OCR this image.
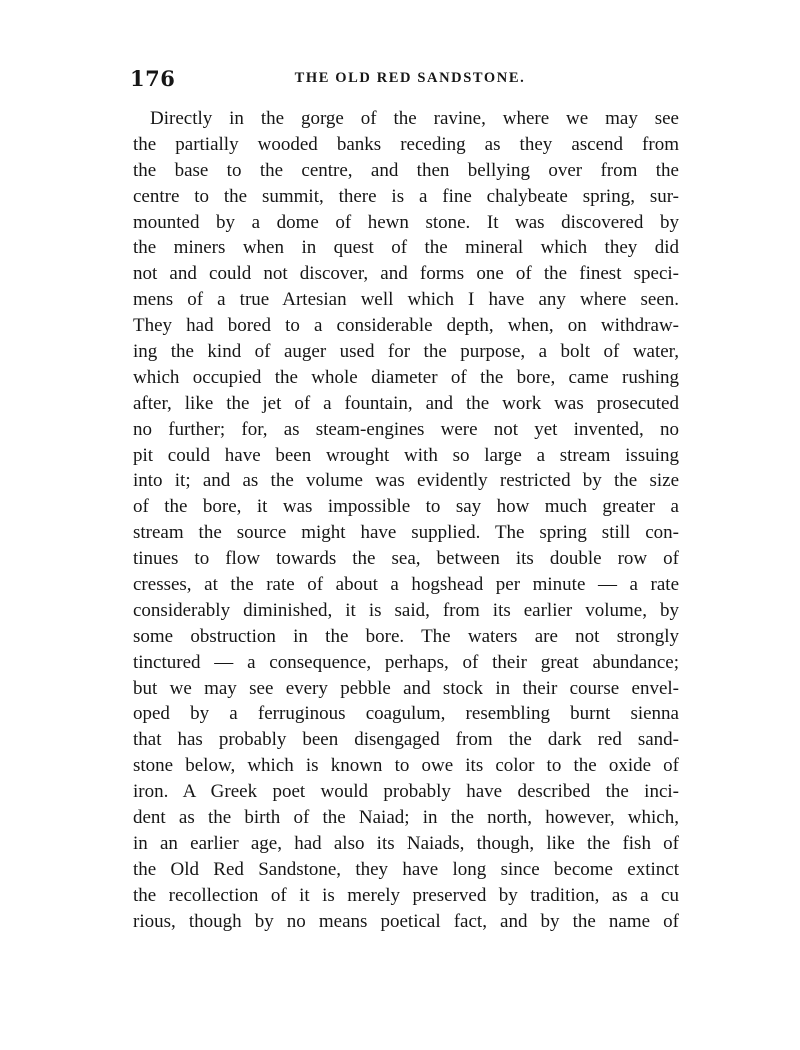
176	THE OLD RED SANDSTONE.
Directly in the gorge of the ravine, where we may see
the partially wooded banks receding as they ascend from
the base to the centre, and then bellying over from the
centre to the summit, there is a fine chalybeate spring, sur-
mounted by a dome of hewn stone. It was discovered by
the miners when in quest of the mineral which they did
not and could not discover, and forms one of the finest speci-
mens of a true Artesian well which I have any where seen.
They had bored to a considerable depth, when, on withdraw-
ing the kind of auger used for the purpose, a bolt of water,
which occupied the whole diameter of the bore, came rushing
after, like the jet of a fountain, and the work was prosecuted
no further; for, as steam-engines were not yet invented, no
pit could have been wrought with so large a stream issuing
into it; and as the volume was evidently restricted by the size
of the bore, it was impossible to say how much greater a
stream the source might have supplied. The spring still con-
tinues to flow towards the sea, between its double row of
cresses, at the rate of about a hogshead per minute — a rate
considerably diminished, it is said, from its earlier volume, by
some obstruction in the bore. The waters are not strongly
tinctured — a consequence, perhaps, of their great abundance;
but we may see every pebble and stock in their course envel-
oped by a ferruginous coagulum, resembling burnt sienna
that has probably been disengaged from the dark red sand-
stone below, which is known to owe its color to the oxide of
iron. A Greek poet would probably have described the inci-
dent as the birth of the Naiad; in the north, however, which,
in an earlier age, had also its Naiads, though, like the fish of
the Old Red Sandstone, they have long since become extinct
the recollection of it is merely preserved by tradition, as a cu
rious, though by no means poetical fact, and by the name of
